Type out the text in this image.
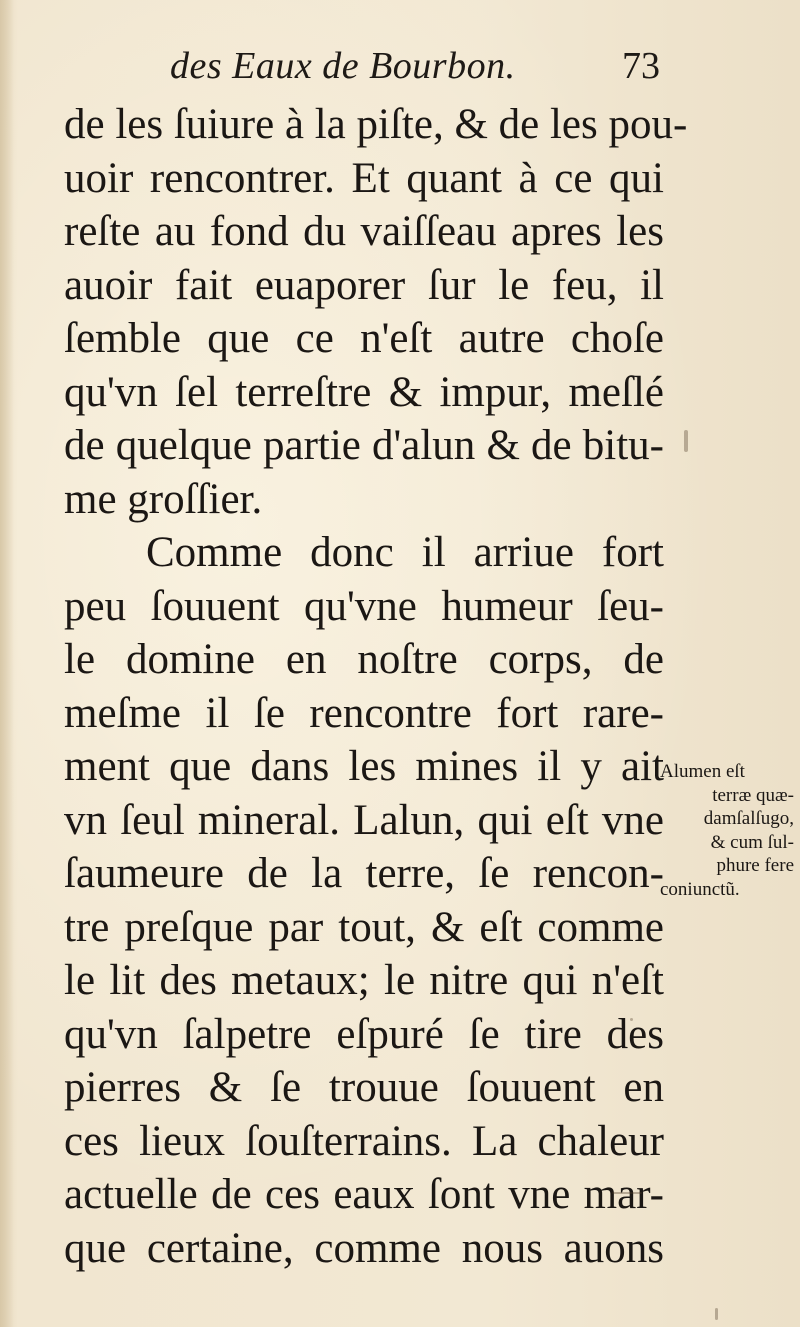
des Eaux de Bourbon.	73
de les ſuiure à la piſte, & de les pou-
uoir rencontrer. Et quant à ce qui
reſte au fond du vaiſſeau apres les
auoir fait euaporer ſur le feu, il
ſemble que ce n'eſt autre choſe
qu'vn ſel terreſtre & impur, meſlé
de quelque partie d'alun & de bitu-
me groſſier.
Comme donc il arriue fort
peu ſouuent qu'vne humeur ſeu-
le domine en noſtre corps, de
meſme il ſe rencontre fort rare-
ment que dans les mines il y ait
vn ſeul mineral. Lalun, qui eſt vne
ſaumeure de la terre, ſe rencon-
tre preſque par tout, & eſt comme
le lit des metaux; le nitre qui n'eſt
qu'vn ſalpetre eſpuré ſe tire des
pierres & ſe trouue ſouuent en
ces lieux ſouſterrains. La chaleur
actuelle de ces eaux ſont vne mar-
que certaine, comme nous auons
Alumen eſt
terræ quæ-
damſalſugo,
& cum ſul-
phure fere
coniunctũ.
